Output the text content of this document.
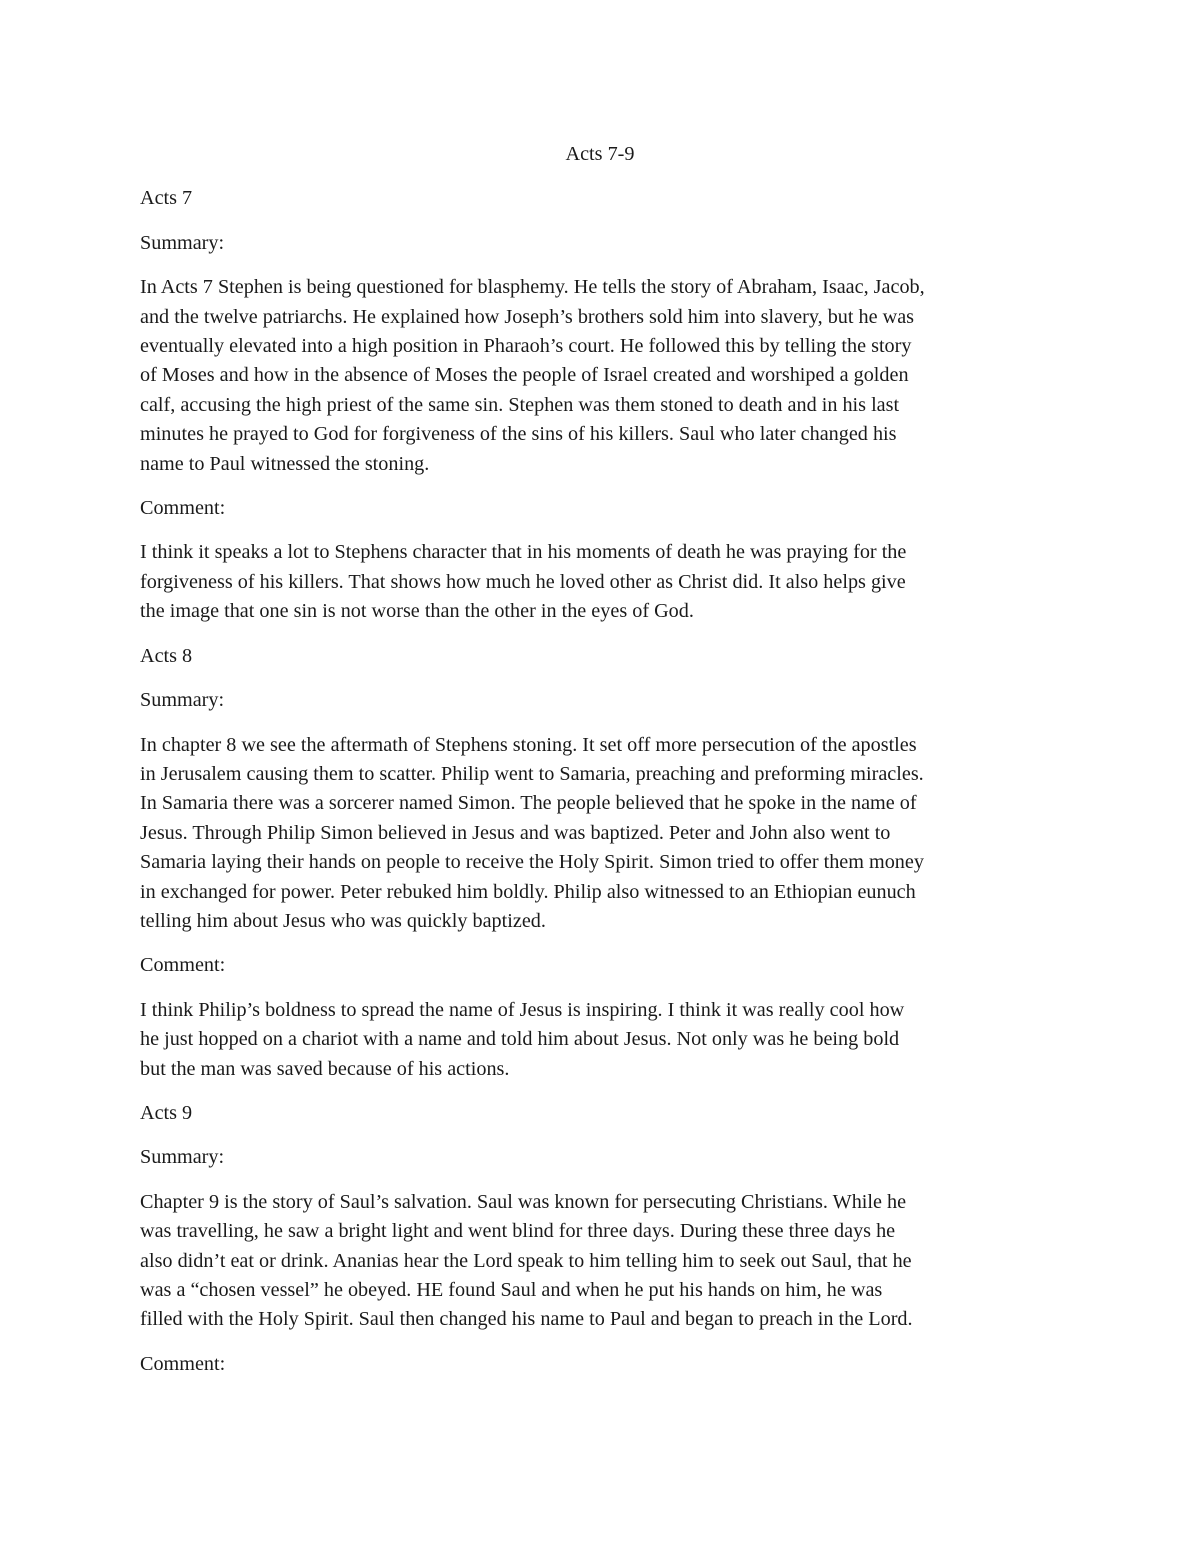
Acts 7-9

Acts 7

Summary:

In Acts 7 Stephen is being questioned for blasphemy. He tells the story of Abraham, Isaac, Jacob,
and the twelve patriarchs. He explained how Joseph’s brothers sold him into slavery, but he was
eventually elevated into a high position in Pharaoh’s court. He followed this by telling the story
of Moses and how in the absence of Moses the people of Israel created and worshiped a golden
calf, accusing the high priest of the same sin. Stephen was them stoned to death and in his last
minutes he prayed to God for forgiveness of the sins of his killers. Saul who later changed his
name to Paul witnessed the stoning.

Comment:

I think it speaks a lot to Stephens character that in his moments of death he was praying for the
forgiveness of his killers. That shows how much he loved other as Christ did. It also helps give
the image that one sin is not worse than the other in the eyes of God.

Acts 8

Summary:

In chapter 8 we see the aftermath of Stephens stoning. It set off more persecution of the apostles
in Jerusalem causing them to scatter. Philip went to Samaria, preaching and preforming miracles.
In Samaria there was a sorcerer named Simon. The people believed that he spoke in the name of
Jesus. Through Philip Simon believed in Jesus and was baptized. Peter and John also went to
Samaria laying their hands on people to receive the Holy Spirit. Simon tried to offer them money
in exchanged for power. Peter rebuked him boldly. Philip also witnessed to an Ethiopian eunuch
telling him about Jesus who was quickly baptized.

Comment:

I think Philip’s boldness to spread the name of Jesus is inspiring. I think it was really cool how
he just hopped on a chariot with a name and told him about Jesus. Not only was he being bold
but the man was saved because of his actions.

Acts 9

Summary:

Chapter 9 is the story of Saul’s salvation. Saul was known for persecuting Christians. While he
was travelling, he saw a bright light and went blind for three days. During these three days he
also didn’t eat or drink. Ananias hear the Lord speak to him telling him to seek out Saul, that he
was a “chosen vessel” he obeyed. HE found Saul and when he put his hands on him, he was
filled with the Holy Spirit. Saul then changed his name to Paul and began to preach in the Lord.

Comment:
